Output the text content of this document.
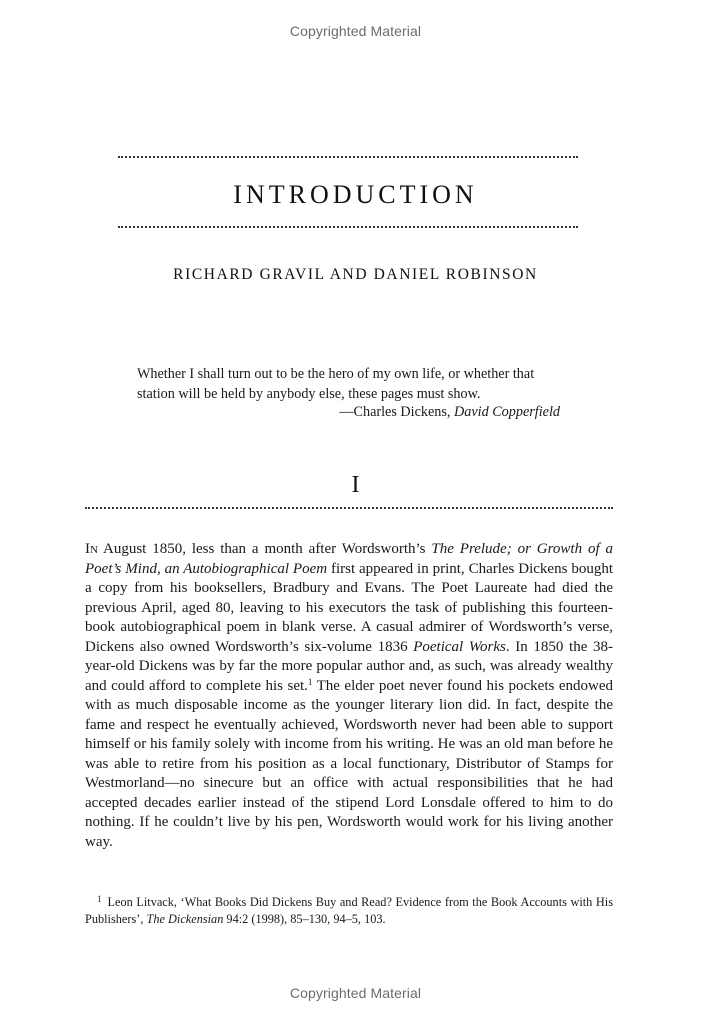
Copyrighted Material
INTRODUCTION
RICHARD GRAVIL AND DANIEL ROBINSON
Whether I shall turn out to be the hero of my own life, or whether that station will be held by anybody else, these pages must show.
—Charles Dickens, David Copperfield
I
In August 1850, less than a month after Wordsworth’s The Prelude; or Growth of a Poet’s Mind, an Autobiographical Poem first appeared in print, Charles Dickens bought a copy from his booksellers, Bradbury and Evans. The Poet Laureate had died the previous April, aged 80, leaving to his executors the task of publishing this fourteen-book autobiographical poem in blank verse. A casual admirer of Wordsworth’s verse, Dickens also owned Wordsworth’s six-volume 1836 Poetical Works. In 1850 the 38-year-old Dickens was by far the more popular author and, as such, was already wealthy and could afford to complete his set.$^1$ The elder poet never found his pockets endowed with as much disposable income as the younger literary lion did. In fact, despite the fame and respect he eventually achieved, Wordsworth never had been able to support himself or his family solely with income from his writing. He was an old man before he was able to retire from his position as a local functionary, Distributor of Stamps for Westmorland—no sinecure but an office with actual responsibilities that he had accepted decades earlier instead of the stipend Lord Lonsdale offered to him to do nothing. If he couldn’t live by his pen, Wordsworth would work for his living another way.
$^1$ Leon Litvack, ‘What Books Did Dickens Buy and Read? Evidence from the Book Accounts with His Publishers’, The Dickensian 94:2 (1998), 85–130, 94–5, 103.
Copyrighted Material
